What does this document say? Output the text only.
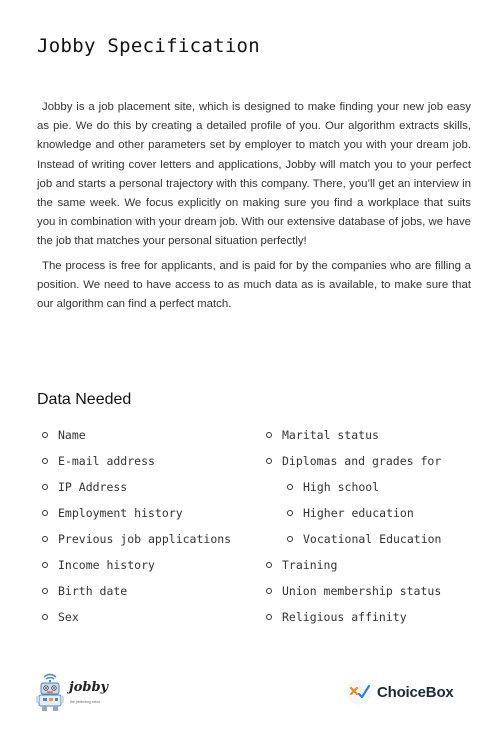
Jobby Specification

Jobby is a job placement site, which is designed to make finding your new job easy as pie. We do this by creating a detailed profile of you. Our algorithm extracts skills, knowledge and other parameters set by employer to match you with your dream job. Instead of writing cover letters and applications, Jobby will match you to your perfect job and starts a personal trajectory with this company. There, you’ll get an interview in the same week. We focus explicitly on making sure you find a workplace that suits you in combination with your dream job. With our extensive database of jobs, we have the job that matches your personal situation perfectly!

The process is free for applicants, and is paid for by the companies who are filling a position. We need to have access to as much data as is available, to make sure that our algorithm can find a perfect match.

Data Needed
Name
E-mail address
IP Address
Employment history
Previous job applications
Income history
Birth date
Sex
Marital status
Diplomas and grades for
High school
Higher education
Vocational Education
Training
Union membership status
Religious affinity
jobby
the jobfinding robot
ChoiceBox
